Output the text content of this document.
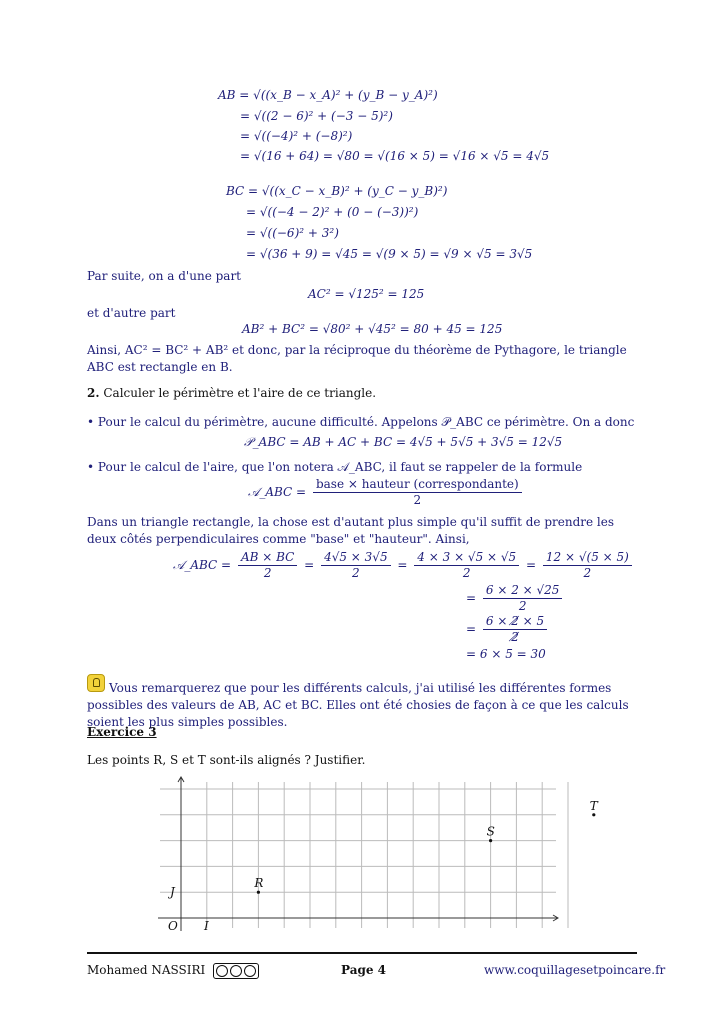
AB = √((x_B − x_A)² + (y_B − y_A)²)
= √((2 − 6)² + (−3 − 5)²)
= √((−4)² + (−8)²)
= √(16 + 64) = √80 = √(16 × 5) = √16 × √5 = 4√5
BC = √((x_C − x_B)² + (y_C − y_B)²)
= √((−4 − 2)² + (0 − (−3))²)
= √((−6)² + 3²)
= √(36 + 9) = √45 = √(9 × 5) = √9 × √5 = 3√5
Par suite, on a d'une part
AC² = √125² = 125
et d'autre part
AB² + BC² = √80² + √45² = 80 + 45 = 125
Ainsi, AC² = BC² + AB² et donc, par la réciproque du théorème de Pythagore, le triangle ABC est rectangle en B.
2. Calculer le périmètre et l'aire de ce triangle.
• Pour le calcul du périmètre, aucune difficulté. Appelons 𝒫_ABC ce périmètre. On a donc
𝒫_ABC = AB + AC + BC = 4√5 + 5√5 + 3√5 = 12√5
• Pour le calcul de l'aire, que l'on notera 𝒜_ABC, il faut se rappeler de la formule
𝒜_ABC = $\frac{\text{base × hauteur (correspondante)}}{2}$
Dans un triangle rectangle, la chose est d'autant plus simple qu'il suffit de prendre les deux côtés perpendiculaires comme "base" et "hauteur". Ainsi,
𝒜_ABC = $\frac{AB \times BC}{2} = \frac{4√5 \times 3√5}{2} = \frac{4 \times 3 \times √5 \times √5}{2} = \frac{12 \times √(5 \times 5)}{2}$
= $\frac{6 \times 2 \times √25}{2}$
= $\frac{6 \times 2̸ \times 5}{2̸}$
= 6 × 5 = 30
Vous remarquerez que pour les différents calculs, j'ai utilisé les différentes formes possibles des valeurs de AB, AC et BC. Elles ont été chosies de façon à ce que les calculs soient les plus simples possibles.
Exercice 3
Les points R, S et T sont-ils alignés ? Justifier.
O I
J
R
S
T
Mohamed NASSIRI	Page 4	www.coquillagesetpoincare.fr
